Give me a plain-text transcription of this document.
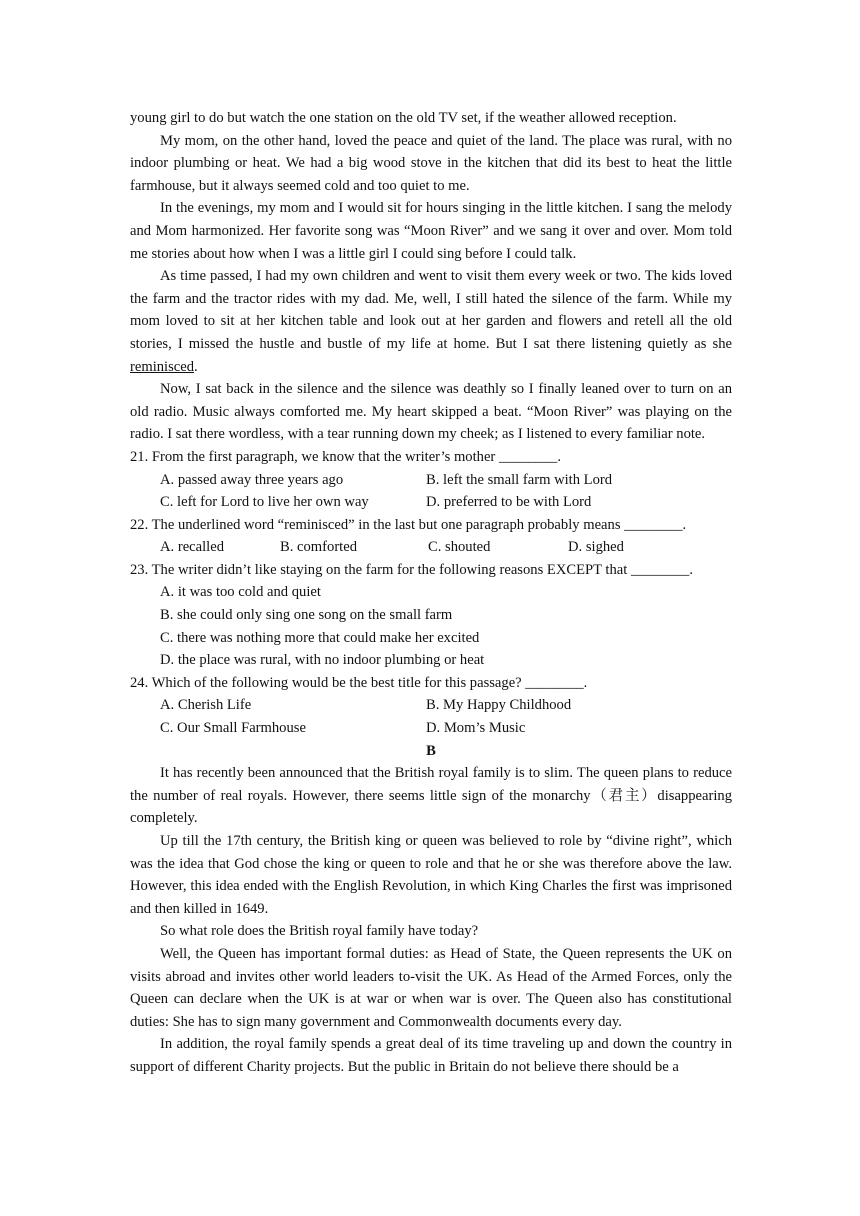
young girl to do but watch the one station on the old TV set, if the weather allowed reception.

My mom, on the other hand, loved the peace and quiet of the land. The place was rural, with no indoor plumbing or heat. We had a big wood stove in the kitchen that did its best to heat the little farmhouse, but it always seemed cold and too quiet to me.

In the evenings, my mom and I would sit for hours singing in the little kitchen. I sang the melody and Mom harmonized. Her favorite song was “Moon River” and we sang it over and over. Mom told me stories about how when I was a little girl I could sing before I could talk.

As time passed, I had my own children and went to visit them every week or two. The kids loved the farm and the tractor rides with my dad. Me, well, I still hated the silence of the farm. While my mom loved to sit at her kitchen table and look out at her garden and flowers and retell all the old stories, I missed the hustle and bustle of my life at home. But I sat there listening quietly as she reminisced.

Now, I sat back in the silence and the silence was deathly so I finally leaned over to turn on an old radio. Music always comforted me. My heart skipped a beat. “Moon River” was playing on the radio. I sat there wordless, with a tear running down my cheek; as I listened to every familiar note.

21. From the first paragraph, we know that the writer’s mother ________.

A. passed away three years ago	B. left the small farm with Lord
C. left for Lord to live her own way	D. preferred to be with Lord

22. The underlined word “reminisced” in the last but one paragraph probably means ________.

A. recalled	B. comforted	C. shouted	D. sighed

23. The writer didn’t like staying on the farm for the following reasons EXCEPT that ________.

A. it was too cold and quiet

B. she could only sing one song on the small farm

C. there was nothing more that could make her excited

D. the place was rural, with no indoor plumbing or heat

24. Which of the following would be the best title for this passage? ________.

A. Cherish Life	B. My Happy Childhood
C. Our Small Farmhouse	D. Mom’s Music

B

It has recently been announced that the British royal family is to slim. The queen plans to reduce the number of real royals. However, there seems little sign of the monarchy（君主）disappearing completely.

Up till the 17th century, the British king or queen was believed to role by “divine right”, which was the idea that God chose the king or queen to role and that he or she was therefore above the law. However, this idea ended with the English Revolution, in which King Charles the first was imprisoned and then killed in 1649.

So what role does the British royal family have today?

Well, the Queen has important formal duties: as Head of State, the Queen represents the UK on visits abroad and invites other world leaders to-visit the UK. As Head of the Armed Forces, only the Queen can declare when the UK is at war or when war is over. The Queen also has constitutional duties: She has to sign many government and Commonwealth documents every day.

In addition, the royal family spends a great deal of its time traveling up and down the country in support of different Charity projects. But the public in Britain do not believe there should be a
